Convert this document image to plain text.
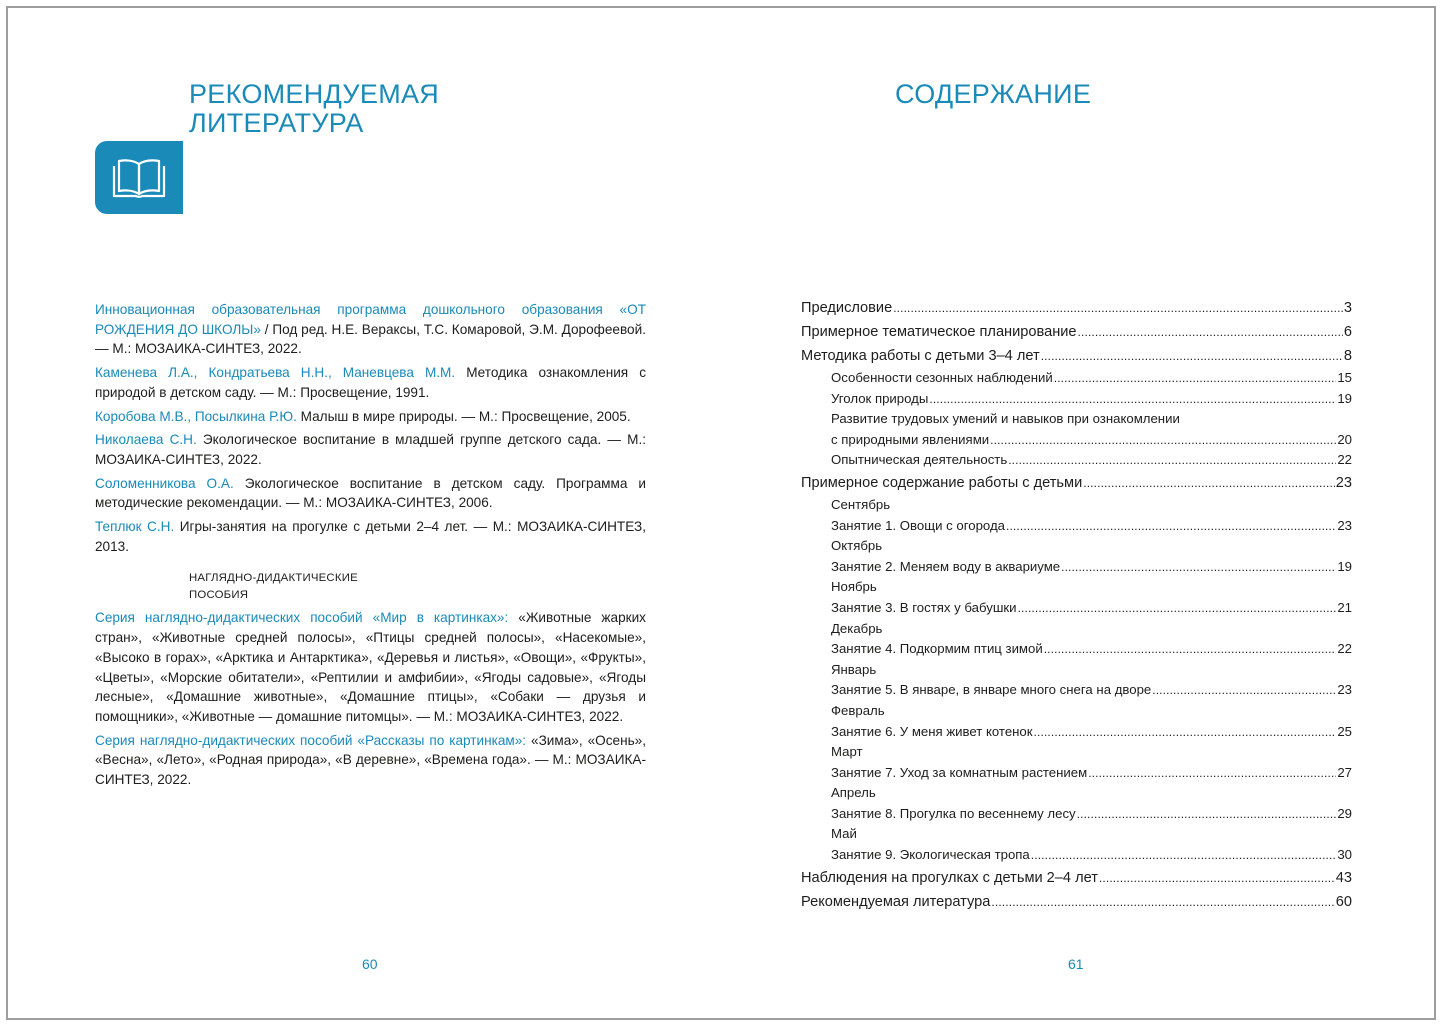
РЕКОМЕНДУЕМАЯ
ЛИТЕРАТУРА
Инновационная образовательная программа дошкольного образования «ОТ РОЖДЕНИЯ ДО ШКОЛЫ» / Под ред. Н.Е. Вераксы, Т.С. Комаровой, Э.М. Дорофеевой. — М.: МОЗАИКА-СИНТЕЗ, 2022.
Каменева Л.А., Кондратьева Н.Н., Маневцева М.М. Методика ознакомления с природой в детском саду. — М.: Просвещение, 1991.
Коробова М.В., Посылкина Р.Ю. Малыш в мире природы. — М.: Просвещение, 2005.
Николаева С.Н. Экологическое воспитание в младшей группе детского сада. — М.: МОЗАИКА-СИНТЕЗ, 2022.
Соломенникова О.А. Экологическое воспитание в детском саду. Программа и методические рекомендации. — М.: МОЗАИКА-СИНТЕЗ, 2006.
Теплюк С.Н. Игры-занятия на прогулке с детьми 2–4 лет. — М.: МОЗАИКА-СИНТЕЗ, 2013.
НАГЛЯДНО-ДИДАКТИЧЕСКИЕ
ПОСОБИЯ
Серия наглядно-дидактических пособий «Мир в картинках»: «Животные жарких стран», «Животные средней полосы», «Птицы средней полосы», «Насекомые», «Высоко в горах», «Арктика и Антарктика», «Деревья и листья», «Овощи», «Фрукты», «Цветы», «Морские обитатели», «Рептилии и амфибии», «Ягоды садовые», «Ягоды лесные», «Домашние животные», «Домашние птицы», «Собаки — друзья и помощники», «Животные — домашние питомцы». — М.: МОЗАИКА-СИНТЕЗ, 2022.
Серия наглядно-дидактических пособий «Рассказы по картинкам»: «Зима», «Осень», «Весна», «Лето», «Родная природа», «В деревне», «Времена года». — М.: МОЗАИКА-СИНТЕЗ, 2022.
60
СОДЕРЖАНИЕ
Предисловие . . .	3
Примерное тематическое планирование . . .	6
Методика работы с детьми 3–4 лет . . .	8
Особенности сезонных наблюдений . . .	15
Уголок природы . . .	19
Развитие трудовых умений и навыков при ознакомлении
с природными явлениями . . .	20
Опытническая деятельность . . .	22
Примерное содержание работы с детьми . . .	23
Сентябрь
Занятие 1. Овощи с огорода . . .	23
Октябрь
Занятие 2. Меняем воду в аквариуме . . .	19
Ноябрь
Занятие 3. В гостях у бабушки . . .	21
Декабрь
Занятие 4. Подкормим птиц зимой . . .	22
Январь
Занятие 5. В январе, в январе много снега на дворе . . .	23
Февраль
Занятие 6. У меня живет котенок . . .	25
Март
Занятие 7. Уход за комнатным растением . . .	27
Апрель
Занятие 8. Прогулка по весеннему лесу . . .	29
Май
Занятие 9. Экологическая тропа . . .	30
Наблюдения на прогулках с детьми 2–4 лет . . .	43
Рекомендуемая литература . . .	60
61
